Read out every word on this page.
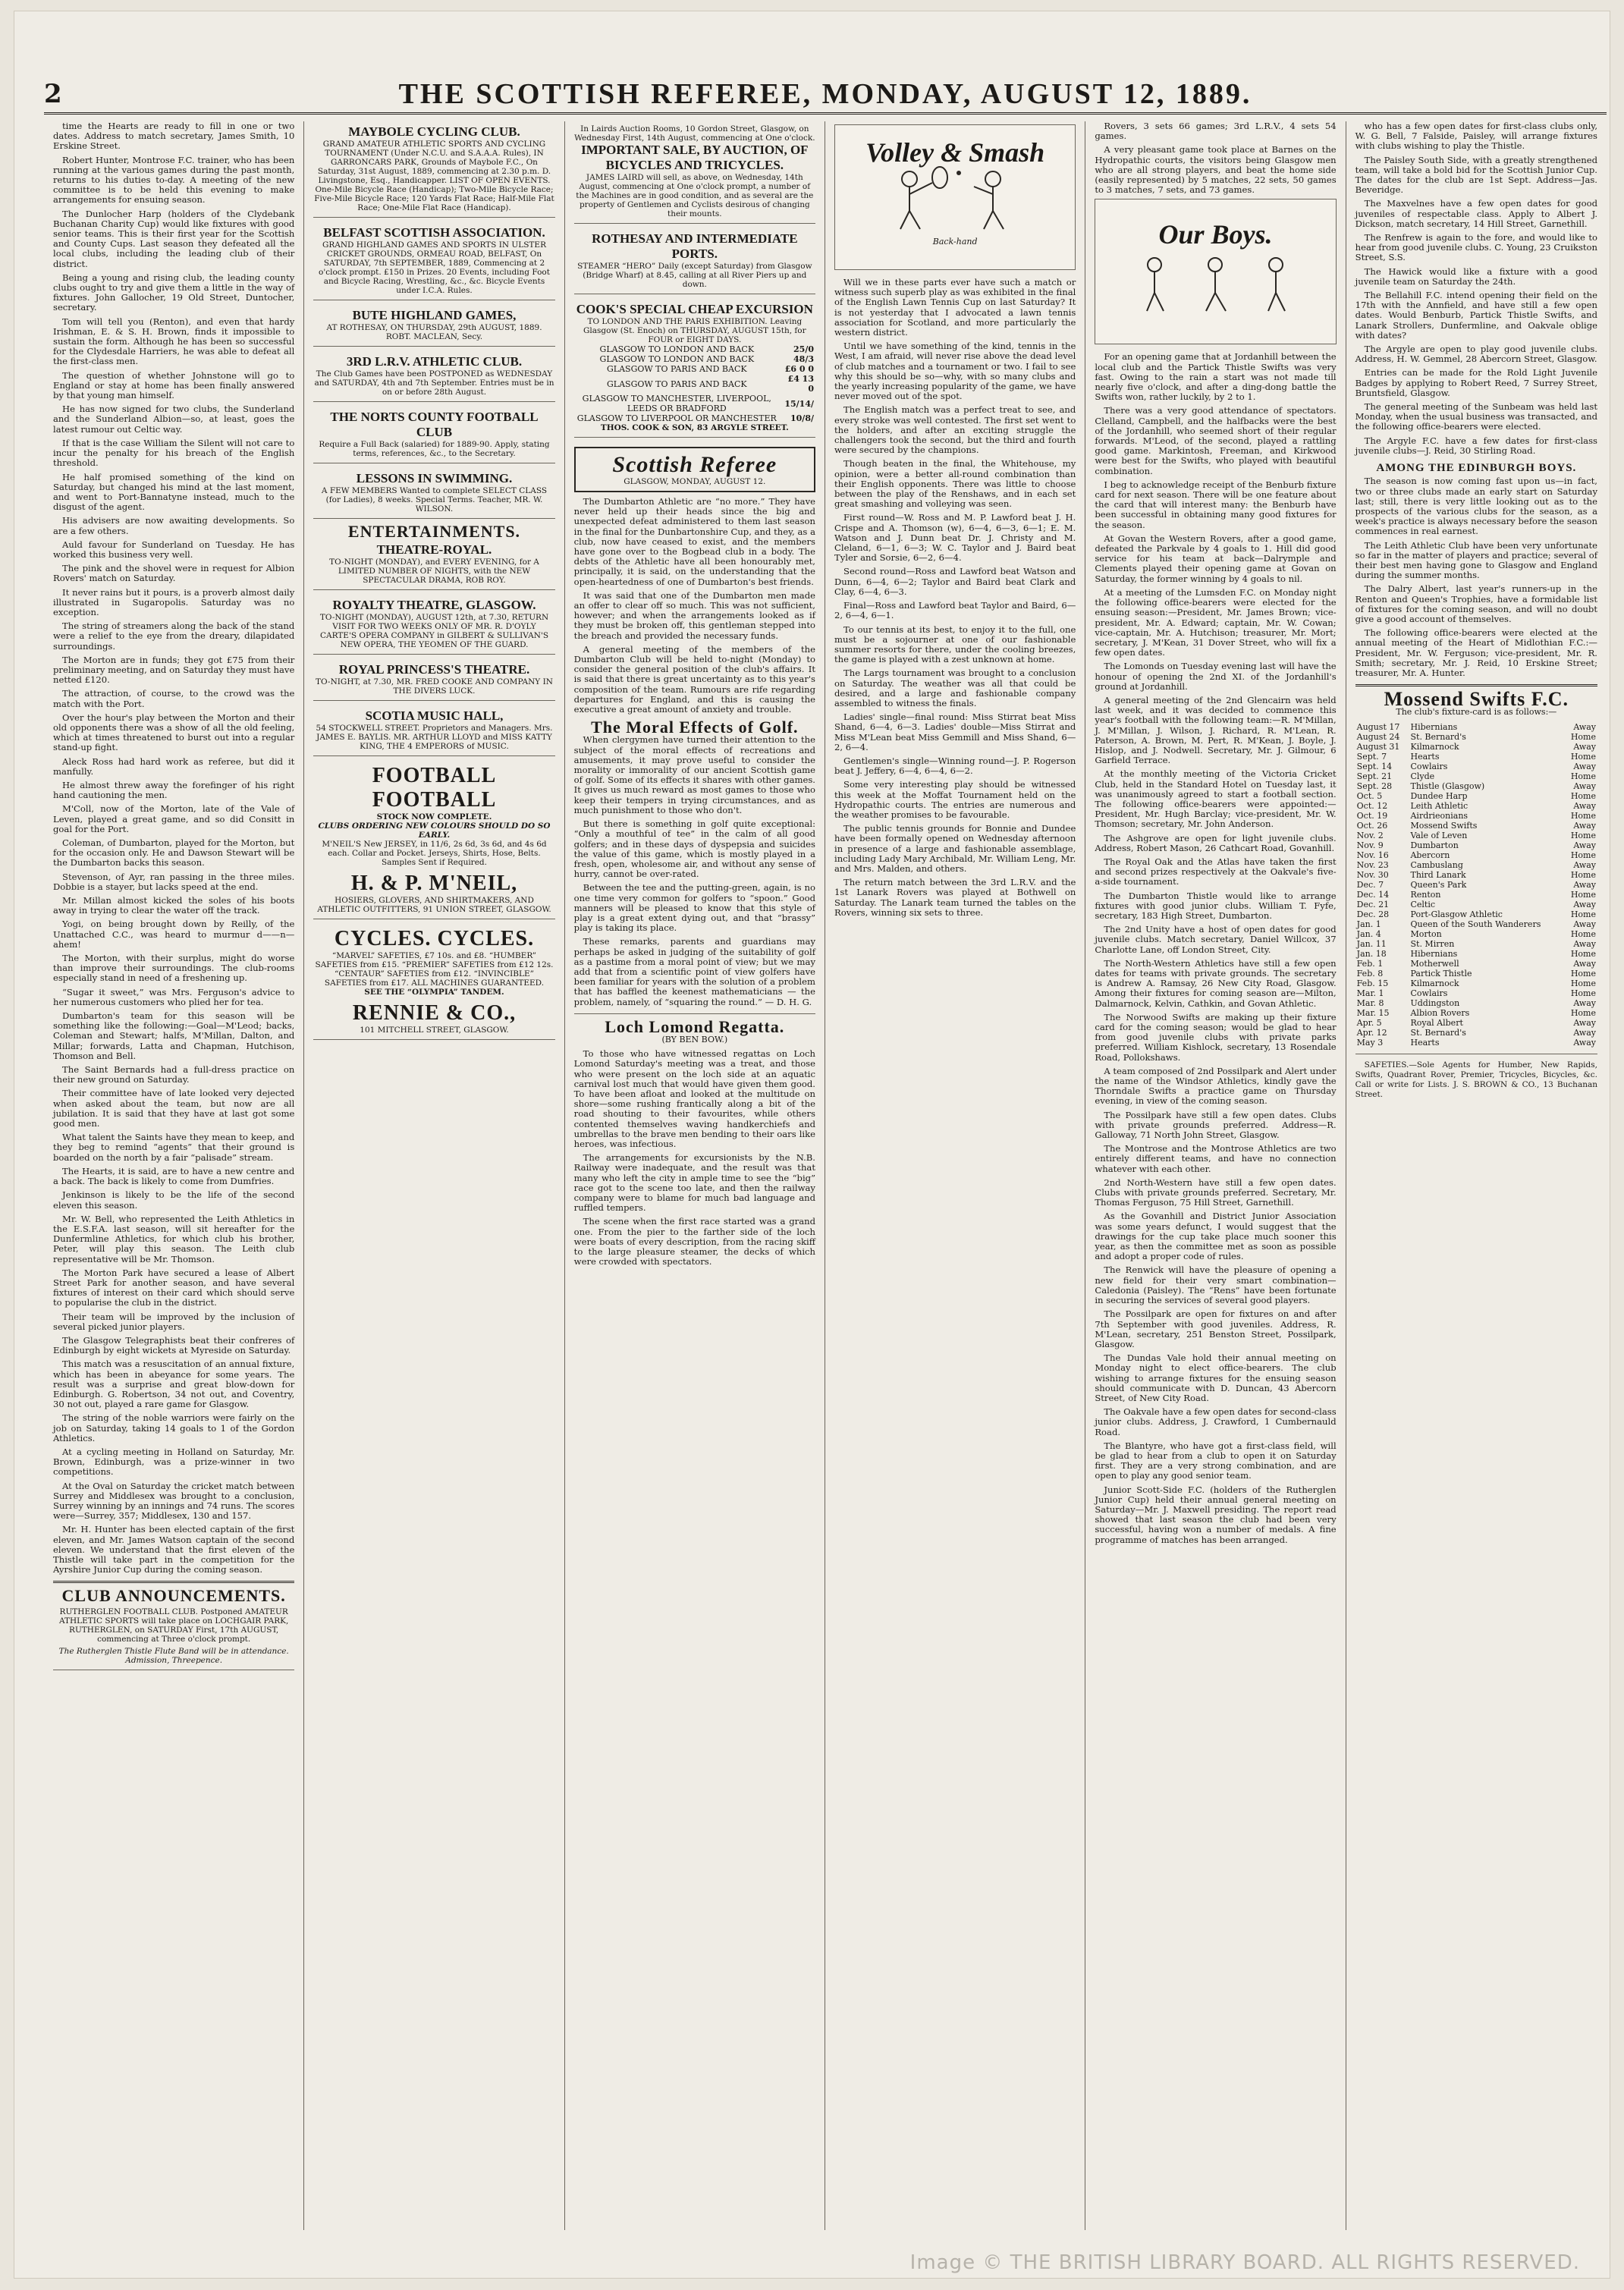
2	THE SCOTTISH REFEREE, MONDAY, AUGUST 12, 1889.

time the Hearts are ready to fill in one or two dates. Address to match secretary, James Smith, 10 Erskine Street.

Robert Hunter, Montrose F.C. trainer, who has been running at the various games during the past month, returns to his duties to-day. A meeting of the new committee is to be held this evening to make arrangements for ensuing season.

The Dunlocher Harp (holders of the Clydebank Buchanan Charity Cup) would like fixtures with good senior teams. This is their first year for the Scottish and County Cups. Last season they defeated all the local clubs, including the leading club of their district.

Being a young and rising club, the leading county clubs ought to try and give them a little in the way of fixtures. John Gallocher, 19 Old Street, Duntocher, secretary.

Tom will tell you (Renton), and even that hardy Irishman, E. & S. H. Brown, finds it impossible to sustain the form. Although he has been so successful for the Clydesdale Harriers, he was able to defeat all the first-class men.

The question of whether Johnstone will go to England or stay at home has been finally answered by that young man himself.

He has now signed for two clubs, the Sunderland and the Sunderland Albion—so, at least, goes the latest rumour out Celtic way.

If that is the case William the Silent will not care to incur the penalty for his breach of the English threshold.

He half promised something of the kind on Saturday, but changed his mind at the last moment, and went to Port-Bannatyne instead, much to the disgust of the agent.

His advisers are now awaiting developments. So are a few others.

Auld favour for Sunderland on Tuesday. He has worked this business very well.

The pink and the shovel were in request for Albion Rovers' match on Saturday.

It never rains but it pours, is a proverb almost daily illustrated in Sugaropolis. Saturday was no exception.

The string of streamers along the back of the stand were a relief to the eye from the dreary, dilapidated surroundings.

The Morton are in funds; they got £75 from their preliminary meeting, and on Saturday they must have netted £120.

The attraction, of course, to the crowd was the match with the Port.

Over the hour's play between the Morton and their old opponents there was a show of all the old feeling, which at times threatened to burst out into a regular stand-up fight.

Aleck Ross had hard work as referee, but did it manfully.

He almost threw away the forefinger of his right hand cautioning the men.

M'Coll, now of the Morton, late of the Vale of Leven, played a great game, and so did Consitt in goal for the Port.

Coleman, of Dumbarton, played for the Morton, but for the occasion only. He and Dawson Stewart will be the Dumbarton backs this season.

Stevenson, of Ayr, ran passing in the three miles. Dobbie is a stayer, but lacks speed at the end.

Mr. Millan almost kicked the soles of his boots away in trying to clear the water off the track.

Yogi, on being brought down by Reilly, of the Unattached C.C., was heard to murmur d——n—ahem!

The Morton, with their surplus, might do worse than improve their surroundings. The club-rooms especially stand in need of a freshening up.

“Sugar it sweet,” was Mrs. Ferguson's advice to her numerous customers who plied her for tea.

Dumbarton's team for this season will be something like the following:—Goal—M'Leod; backs, Coleman and Stewart; halfs, M'Millan, Dalton, and Millar; forwards, Latta and Chapman, Hutchison, Thomson and Bell.

The Saint Bernards had a full-dress practice on their new ground on Saturday.

Their committee have of late looked very dejected when asked about the team, but now are all jubilation. It is said that they have at last got some good men.

What talent the Saints have they mean to keep, and they beg to remind “agents” that their ground is boarded on the north by a fair “palisade” stream.

The Hearts, it is said, are to have a new centre and a back. The back is likely to come from Dumfries.

Jenkinson is likely to be the life of the second eleven this season.

Mr. W. Bell, who represented the Leith Athletics in the E.S.F.A. last season, will sit hereafter for the Dunfermline Athletics, for which club his brother, Peter, will play this season. The Leith club representative will be Mr. Thomson.

The Morton Park have secured a lease of Albert Street Park for another season, and have several fixtures of interest on their card which should serve to popularise the club in the district.

Their team will be improved by the inclusion of several picked junior players.

The Glasgow Telegraphists beat their confreres of Edinburgh by eight wickets at Myreside on Saturday.

This match was a resuscitation of an annual fixture, which has been in abeyance for some years. The result was a surprise and great blow-down for Edinburgh. G. Robertson, 34 not out, and Coventry, 30 not out, played a rare game for Glasgow.

The string of the noble warriors were fairly on the job on Saturday, taking 14 goals to 1 of the Gordon Athletics.

At a cycling meeting in Holland on Saturday, Mr. Brown, Edinburgh, was a prize-winner in two competitions.

At the Oval on Saturday the cricket match between Surrey and Middlesex was brought to a conclusion, Surrey winning by an innings and 74 runs. The scores were—Surrey, 357; Middlesex, 130 and 157.

Mr. H. Hunter has been elected captain of the first eleven, and Mr. James Watson captain of the second eleven. We understand that the first eleven of the Thistle will take part in the competition for the Ayrshire Junior Cup during the coming season.

CLUB ANNOUNCEMENTS.
RUTHERGLEN FOOTBALL CLUB. Postponed AMATEUR ATHLETIC SPORTS will take place on LOCHGAIR PARK, RUTHERGLEN, on SATURDAY First, 17th AUGUST, commencing at Three o'clock prompt.
The Rutherglen Thistle Flute Band will be in attendance. Admission, Threepence.
MAYBOLE CYCLING CLUB.
GRAND AMATEUR ATHLETIC SPORTS AND CYCLING TOURNAMENT (Under N.C.U. and S.A.A.A. Rules), IN GARRONCARS PARK, Grounds of Maybole F.C., On Saturday, 31st August, 1889, commencing at 2.30 p.m. D. Livingstone, Esq., Handicapper. LIST OF OPEN EVENTS. One-Mile Bicycle Race (Handicap); Two-Mile Bicycle Race; Five-Mile Bicycle Race; 120 Yards Flat Race; Half-Mile Flat Race; One-Mile Flat Race (Handicap).
BELFAST SCOTTISH ASSOCIATION.
GRAND HIGHLAND GAMES AND SPORTS IN ULSTER CRICKET GROUNDS, ORMEAU ROAD, BELFAST, On SATURDAY, 7th SEPTEMBER, 1889, Commencing at 2 o'clock prompt. £150 in Prizes. 20 Events, including Foot and Bicycle Racing, Wrestling, &c., &c. Bicycle Events under I.C.A. Rules.
BUTE HIGHLAND GAMES,
AT ROTHESAY, ON THURSDAY, 29th AUGUST, 1889. ROBT. MACLEAN, Secy.
3RD L.R.V. ATHLETIC CLUB.
The Club Games have been POSTPONED as WEDNESDAY and SATURDAY, 4th and 7th September. Entries must be in on or before 28th August.
THE NORTS COUNTY FOOTBALL CLUB
Require a Full Back (salaried) for 1889-90. Apply, stating terms, references, &c., to the Secretary.
LESSONS IN SWIMMING.
A FEW MEMBERS Wanted to complete SELECT CLASS (for Ladies), 8 weeks. Special Terms. Teacher, MR. W. WILSON.
ENTERTAINMENTS.
THEATRE-ROYAL.
TO-NIGHT (MONDAY), and EVERY EVENING, for A LIMITED NUMBER OF NIGHTS, with the NEW SPECTACULAR DRAMA, ROB ROY.
ROYALTY THEATRE, GLASGOW.
TO-NIGHT (MONDAY), AUGUST 12th, at 7.30, RETURN VISIT FOR TWO WEEKS ONLY OF MR. R. D'OYLY CARTE'S OPERA COMPANY in GILBERT & SULLIVAN'S NEW OPERA, THE YEOMEN OF THE GUARD.
ROYAL PRINCESS'S THEATRE.
TO-NIGHT, at 7.30, MR. FRED COOKE AND COMPANY IN THE DIVERS LUCK.
SCOTIA MUSIC HALL,
54 STOCKWELL STREET. Proprietors and Managers. Mrs. JAMES E. BAYLIS. MR. ARTHUR LLOYD and MISS KATTY KING, THE 4 EMPERORS of MUSIC.
FOOTBALL FOOTBALL
STOCK NOW COMPLETE.
CLUBS ORDERING NEW COLOURS SHOULD DO SO EARLY.
M'NEIL'S New JERSEY, in 11/6, 2s 6d, 3s 6d, and 4s 6d each. Collar and Pocket. Jerseys, Shirts, Hose, Belts. Samples Sent if Required.
H. & P. M'NEIL,
HOSIERS, GLOVERS, AND SHIRTMAKERS, AND ATHLETIC OUTFITTERS, 91 UNION STREET, GLASGOW.
CYCLES. CYCLES.
“MARVEL” SAFETIES, £7 10s. and £8. “HUMBER” SAFETIES from £15. “PREMIER” SAFETIES from £12 12s. “CENTAUR” SAFETIES from £12. “INVINCIBLE” SAFETIES from £17. ALL MACHINES GUARANTEED.
SEE THE “OLYMPIA” TANDEM.
RENNIE & CO.,
101 MITCHELL STREET, GLASGOW.
In Lairds Auction Rooms, 10 Gordon Street, Glasgow, on Wednesday First, 14th August, commencing at One o'clock.
IMPORTANT SALE, BY AUCTION, OF BICYCLES AND TRICYCLES.
JAMES LAIRD will sell, as above, on Wednesday, 14th August, commencing at One o'clock prompt, a number of the Machines are in good condition, and as several are the property of Gentlemen and Cyclists desirous of changing their mounts.
ROTHESAY AND INTERMEDIATE PORTS.
STEAMER “HERO” Daily (except Saturday) from Glasgow (Bridge Wharf) at 8.45, calling at all River Piers up and down.
COOK'S SPECIAL CHEAP EXCURSION
TO LONDON AND THE PARIS EXHIBITION. Leaving Glasgow (St. Enoch) on THURSDAY, AUGUST 15th, for FOUR or EIGHT DAYS.
GLASGOW TO LONDON AND BACK	25/0
GLASGOW TO LONDON AND BACK	48/3
GLASGOW TO PARIS AND BACK	£6 0 0
GLASGOW TO PARIS AND BACK	£4 13 0
GLASGOW TO MANCHESTER, LIVERPOOL, LEEDS OR BRADFORD	15/14/
GLASGOW TO LIVERPOOL OR MANCHESTER	10/8/
THOS. COOK & SON, 83 ARGYLE STREET.
Scottish Referee
GLASGOW, MONDAY, AUGUST 12.

The Dumbarton Athletic are “no more.” They have never held up their heads since the big and unexpected defeat administered to them last season in the final for the Dunbartonshire Cup, and they, as a club, now have ceased to exist, and the members have gone over to the Bogbead club in a body. The debts of the Athletic have all been honourably met, principally, it is said, on the understanding that the open-heartedness of one of Dumbarton's best friends.

It was said that one of the Dumbarton men made an offer to clear off so much. This was not sufficient, however; and when the arrangements looked as if they must be broken off, this gentleman stepped into the breach and provided the necessary funds.

A general meeting of the members of the Dumbarton Club will be held to-night (Monday) to consider the general position of the club's affairs. It is said that there is great uncertainty as to this year's composition of the team. Rumours are rife regarding departures for England, and this is causing the executive a great amount of anxiety and trouble.

The Moral Effects of Golf.

When clergymen have turned their attention to the subject of the moral effects of recreations and amusements, it may prove useful to consider the morality or immorality of our ancient Scottish game of golf. Some of its effects it shares with other games. It gives us much reward as most games to those who keep their tempers in trying circumstances, and as much punishment to those who don't.

But there is something in golf quite exceptional: “Only a mouthful of tee” in the calm of all good golfers; and in these days of dyspepsia and suicides the value of this game, which is mostly played in a fresh, open, wholesome air, and without any sense of hurry, cannot be over-rated.

Between the tee and the putting-green, again, is no one time very common for golfers to “spoon.” Good manners will be pleased to know that this style of play is a great extent dying out, and that “brassy” play is taking its place.

These remarks, parents and guardians may perhaps be asked in judging of the suitability of golf as a pastime from a moral point of view; but we may add that from a scientific point of view golfers have been familiar for years with the solution of a problem that has baffled the keenest mathematicians — the problem, namely, of “squaring the round.” — D. H. G.

Loch Lomond Regatta.
(BY BEN BOW.)

To those who have witnessed regattas on Loch Lomond Saturday's meeting was a treat, and those who were present on the loch side at an aquatic carnival lost much that would have given them good. To have been afloat and looked at the multitude on shore—some rushing frantically along a bit of the road shouting to their favourites, while others contented themselves waving handkerchiefs and umbrellas to the brave men bending to their oars like heroes, was infectious.

The arrangements for excursionists by the N.B. Railway were inadequate, and the result was that many who left the city in ample time to see the “big” race got to the scene too late, and then the railway company were to blame for much bad language and ruffled tempers.

The scene when the first race started was a grand one. From the pier to the farther side of the loch were boats of every description, from the racing skiff to the large pleasure steamer, the decks of which were crowded with spectators.

Volley & Smash
Back-hand

Will we in these parts ever have such a match or witness such superb play as was exhibited in the final of the English Lawn Tennis Cup on last Saturday? It is not yesterday that I advocated a lawn tennis association for Scotland, and more particularly the western district.

Until we have something of the kind, tennis in the West, I am afraid, will never rise above the dead level of club matches and a tournament or two. I fail to see why this should be so—why, with so many clubs and the yearly increasing popularity of the game, we have never moved out of the spot.

The English match was a perfect treat to see, and every stroke was well contested. The first set went to the holders, and after an exciting struggle the challengers took the second, but the third and fourth were secured by the champions.

Though beaten in the final, the Whitehouse, my opinion, were a better all-round combination than their English opponents. There was little to choose between the play of the Renshaws, and in each set great smashing and volleying was seen.

First round—W. Ross and M. P. Lawford beat J. H. Crispe and A. Thomson (w), 6—4, 6—3, 6—1; E. M. Watson and J. Dunn beat Dr. J. Christy and M. Cleland, 6—1, 6—3; W. C. Taylor and J. Baird beat Tyler and Sorsie, 6—2, 6—4.

Second round—Ross and Lawford beat Watson and Dunn, 6—4, 6—2; Taylor and Baird beat Clark and Clay, 6—4, 6—3.

Final—Ross and Lawford beat Taylor and Baird, 6—2, 6—4, 6—1.

To our tennis at its best, to enjoy it to the full, one must be a sojourner at one of our fashionable summer resorts for there, under the cooling breezes, the game is played with a zest unknown at home.

The Largs tournament was brought to a conclusion on Saturday. The weather was all that could be desired, and a large and fashionable company assembled to witness the finals.

Ladies' single—final round: Miss Stirrat beat Miss Shand, 6—4, 6—3. Ladies' double—Miss Stirrat and Miss M'Lean beat Miss Gemmill and Miss Shand, 6—2, 6—4.

Gentlemen's single—Winning round—J. P. Rogerson beat J. Jeffery, 6—4, 6—4, 6—2.

Some very interesting play should be witnessed this week at the Moffat Tournament held on the Hydropathic courts. The entries are numerous and the weather promises to be favourable.

The public tennis grounds for Bonnie and Dundee have been formally opened on Wednesday afternoon in presence of a large and fashionable assemblage, including Lady Mary Archibald, Mr. William Leng, Mr. and Mrs. Malden, and others.

The return match between the 3rd L.R.V. and the 1st Lanark Rovers was played at Bothwell on Saturday. The Lanark team turned the tables on the Rovers, winning six sets to three.

Rovers, 3 sets 66 games; 3rd L.R.V., 4 sets 54 games.

A very pleasant game took place at Barnes on the Hydropathic courts, the visitors being Glasgow men who are all strong players, and beat the home side (easily represented) by 5 matches, 22 sets, 50 games to 3 matches, 7 sets, and 73 games.

Our Boys.

For an opening game that at Jordanhill between the local club and the Partick Thistle Swifts was very fast. Owing to the rain a start was not made till nearly five o'clock, and after a ding-dong battle the Swifts won, rather luckily, by 2 to 1.

There was a very good attendance of spectators. Clelland, Campbell, and the halfbacks were the best of the Jordanhill, who seemed short of their regular forwards. M'Leod, of the second, played a rattling good game. Markintosh, Freeman, and Kirkwood were best for the Swifts, who played with beautiful combination.

I beg to acknowledge receipt of the Benburb fixture card for next season. There will be one feature about the card that will interest many: the Benburb have been successful in obtaining many good fixtures for the season.

At Govan the Western Rovers, after a good game, defeated the Parkvale by 4 goals to 1. Hill did good service for his team at back—Dalrymple and Clements played their opening game at Govan on Saturday, the former winning by 4 goals to nil.

At a meeting of the Lumsden F.C. on Monday night the following office-bearers were elected for the ensuing season:—President, Mr. James Brown; vice-president, Mr. A. Edward; captain, Mr. W. Cowan; vice-captain, Mr. A. Hutchison; treasurer, Mr. Mort; secretary, J. M'Kean, 31 Dover Street, who will fix a few open dates.

The Lomonds on Tuesday evening last will have the honour of opening the 2nd XI. of the Jordanhill's ground at Jordanhill.

A general meeting of the 2nd Glencairn was held last week, and it was decided to commence this year's football with the following team:—R. M'Millan, J. M'Millan, J. Wilson, J. Richard, R. M'Lean, R. Paterson, A. Brown, M. Pert, R. M'Kean, J. Boyle, J. Hislop, and J. Nodwell. Secretary, Mr. J. Gilmour, 6 Garfield Terrace.

At the monthly meeting of the Victoria Cricket Club, held in the Standard Hotel on Tuesday last, it was unanimously agreed to start a football section. The following office-bearers were appointed:—President, Mr. Hugh Barclay; vice-president, Mr. W. Thomson; secretary, Mr. John Anderson.

The Ashgrove are open for light juvenile clubs. Address, Robert Mason, 26 Cathcart Road, Govanhill.

The Royal Oak and the Atlas have taken the first and second prizes respectively at the Oakvale's five-a-side tournament.

The Dumbarton Thistle would like to arrange fixtures with good junior clubs. William T. Fyfe, secretary, 183 High Street, Dumbarton.

The 2nd Unity have a host of open dates for good juvenile clubs. Match secretary, Daniel Willcox, 37 Charlotte Lane, off London Street, City.

The North-Western Athletics have still a few open dates for teams with private grounds. The secretary is Andrew A. Ramsay, 26 New City Road, Glasgow. Among their fixtures for coming season are—Milton, Dalmarnock, Kelvin, Cathkin, and Govan Athletic.

The Norwood Swifts are making up their fixture card for the coming season; would be glad to hear from good juvenile clubs with private parks preferred. William Kishlock, secretary, 13 Rosendale Road, Pollokshaws.

A team composed of 2nd Possilpark and Alert under the name of the Windsor Athletics, kindly gave the Thorndale Swifts a practice game on Thursday evening, in view of the coming season.

The Possilpark have still a few open dates. Clubs with private grounds preferred. Address—R. Galloway, 71 North John Street, Glasgow.

The Montrose and the Montrose Athletics are two entirely different teams, and have no connection whatever with each other.

2nd North-Western have still a few open dates. Clubs with private grounds preferred. Secretary, Mr. Thomas Ferguson, 75 Hill Street, Garnethill.

As the Govanhill and District Junior Association was some years defunct, I would suggest that the drawings for the cup take place much sooner this year, as then the committee met as soon as possible and adopt a proper code of rules.

The Renwick will have the pleasure of opening a new field for their very smart combination—Caledonia (Paisley). The “Rens” have been fortunate in securing the services of several good players.

The Possilpark are open for fixtures on and after 7th September with good juveniles. Address, R. M'Lean, secretary, 251 Benston Street, Possilpark, Glasgow.

The Dundas Vale hold their annual meeting on Monday night to elect office-bearers. The club wishing to arrange fixtures for the ensuing season should communicate with D. Duncan, 43 Abercorn Street, of New City Road.

The Oakvale have a few open dates for second-class junior clubs. Address, J. Crawford, 1 Cumbernauld Road.

The Blantyre, who have got a first-class field, will be glad to hear from a club to open it on Saturday first. They are a very strong combination, and are open to play any good senior team.

Junior Scott-Side F.C. (holders of the Rutherglen Junior Cup) held their annual general meeting on Saturday—Mr. J. Maxwell presiding. The report read showed that last season the club had been very successful, having won a number of medals. A fine programme of matches has been arranged.

who has a few open dates for first-class clubs only, W. G. Bell, 7 Falside, Paisley, will arrange fixtures with clubs wishing to play the Thistle.

The Paisley South Side, with a greatly strengthened team, will take a bold bid for the Scottish Junior Cup. The dates for the club are 1st Sept. Address—Jas. Beveridge.

The Maxvelnes have a few open dates for good juveniles of respectable class. Apply to Albert J. Dickson, match secretary, 14 Hill Street, Garnethill.

The Renfrew is again to the fore, and would like to hear from good juvenile clubs. C. Young, 23 Cruikston Street, S.S.

The Hawick would like a fixture with a good juvenile team on Saturday the 24th.

The Bellahill F.C. intend opening their field on the 17th with the Annfield, and have still a few open dates. Would Benburb, Partick Thistle Swifts, and Lanark Strollers, Dunfermline, and Oakvale oblige with dates?

The Argyle are open to play good juvenile clubs. Address, H. W. Gemmel, 28 Abercorn Street, Glasgow.

Entries can be made for the Rold Light Juvenile Badges by applying to Robert Reed, 7 Surrey Street, Bruntsfield, Glasgow.

The general meeting of the Sunbeam was held last Monday, when the usual business was transacted, and the following office-bearers were elected.

The Argyle F.C. have a few dates for first-class juvenile clubs—J. Reid, 30 Stirling Road.

AMONG THE EDINBURGH BOYS.

The season is now coming fast upon us—in fact, two or three clubs made an early start on Saturday last; still, there is very little looking out as to the prospects of the various clubs for the season, as a week's practice is always necessary before the season commences in real earnest.

The Leith Athletic Club have been very unfortunate so far in the matter of players and practice; several of their best men having gone to Glasgow and England during the summer months.

The Dalry Albert, last year's runners-up in the Renton and Queen's Trophies, have a formidable list of fixtures for the coming season, and will no doubt give a good account of themselves.

The following office-bearers were elected at the annual meeting of the Heart of Midlothian F.C.:—President, Mr. W. Ferguson; vice-president, Mr. R. Smith; secretary, Mr. J. Reid, 10 Erskine Street; treasurer, Mr. A. Hunter.

Mossend Swifts F.C.
The club's fixture-card is as follows:—
August 17	Hibernians	Away
August 24	St. Bernard's	Home
August 31	Kilmarnock	Away
Sept. 7	Hearts	Home
Sept. 14	Cowlairs	Away
Sept. 21	Clyde	Home
Sept. 28	Thistle (Glasgow)	Away
Oct. 5	Dundee Harp	Home
Oct. 12	Leith Athletic	Away
Oct. 19	Airdrieonians	Home
Oct. 26	Mossend Swifts	Away
Nov. 2	Vale of Leven	Home
Nov. 9	Dumbarton	Away
Nov. 16	Abercorn	Home
Nov. 23	Cambuslang	Away
Nov. 30	Third Lanark	Home
Dec. 7	Queen's Park	Away
Dec. 14	Renton	Home
Dec. 21	Celtic	Away
Dec. 28	Port-Glasgow Athletic	Home
Jan. 1	Queen of the South Wanderers	Away
Jan. 4	Morton	Home
Jan. 11	St. Mirren	Away
Jan. 18	Hibernians	Home
Feb. 1	Motherwell	Away
Feb. 8	Partick Thistle	Home
Feb. 15	Kilmarnock	Home
Mar. 1	Cowlairs	Home
Mar. 8	Uddingston	Away
Mar. 15	Albion Rovers	Home
Apr. 5	Royal Albert	Away
Apr. 12	St. Bernard's	Away
May 3	Hearts	Away

SAFETIES.—Sole Agents for Humber, New Rapids, Swifts, Quadrant Rover, Premier, Tricycles, Bicycles, &c. Call or write for Lists. J. S. BROWN & CO., 13 Buchanan Street.

Image © THE BRITISH LIBRARY BOARD. ALL RIGHTS RESERVED.
